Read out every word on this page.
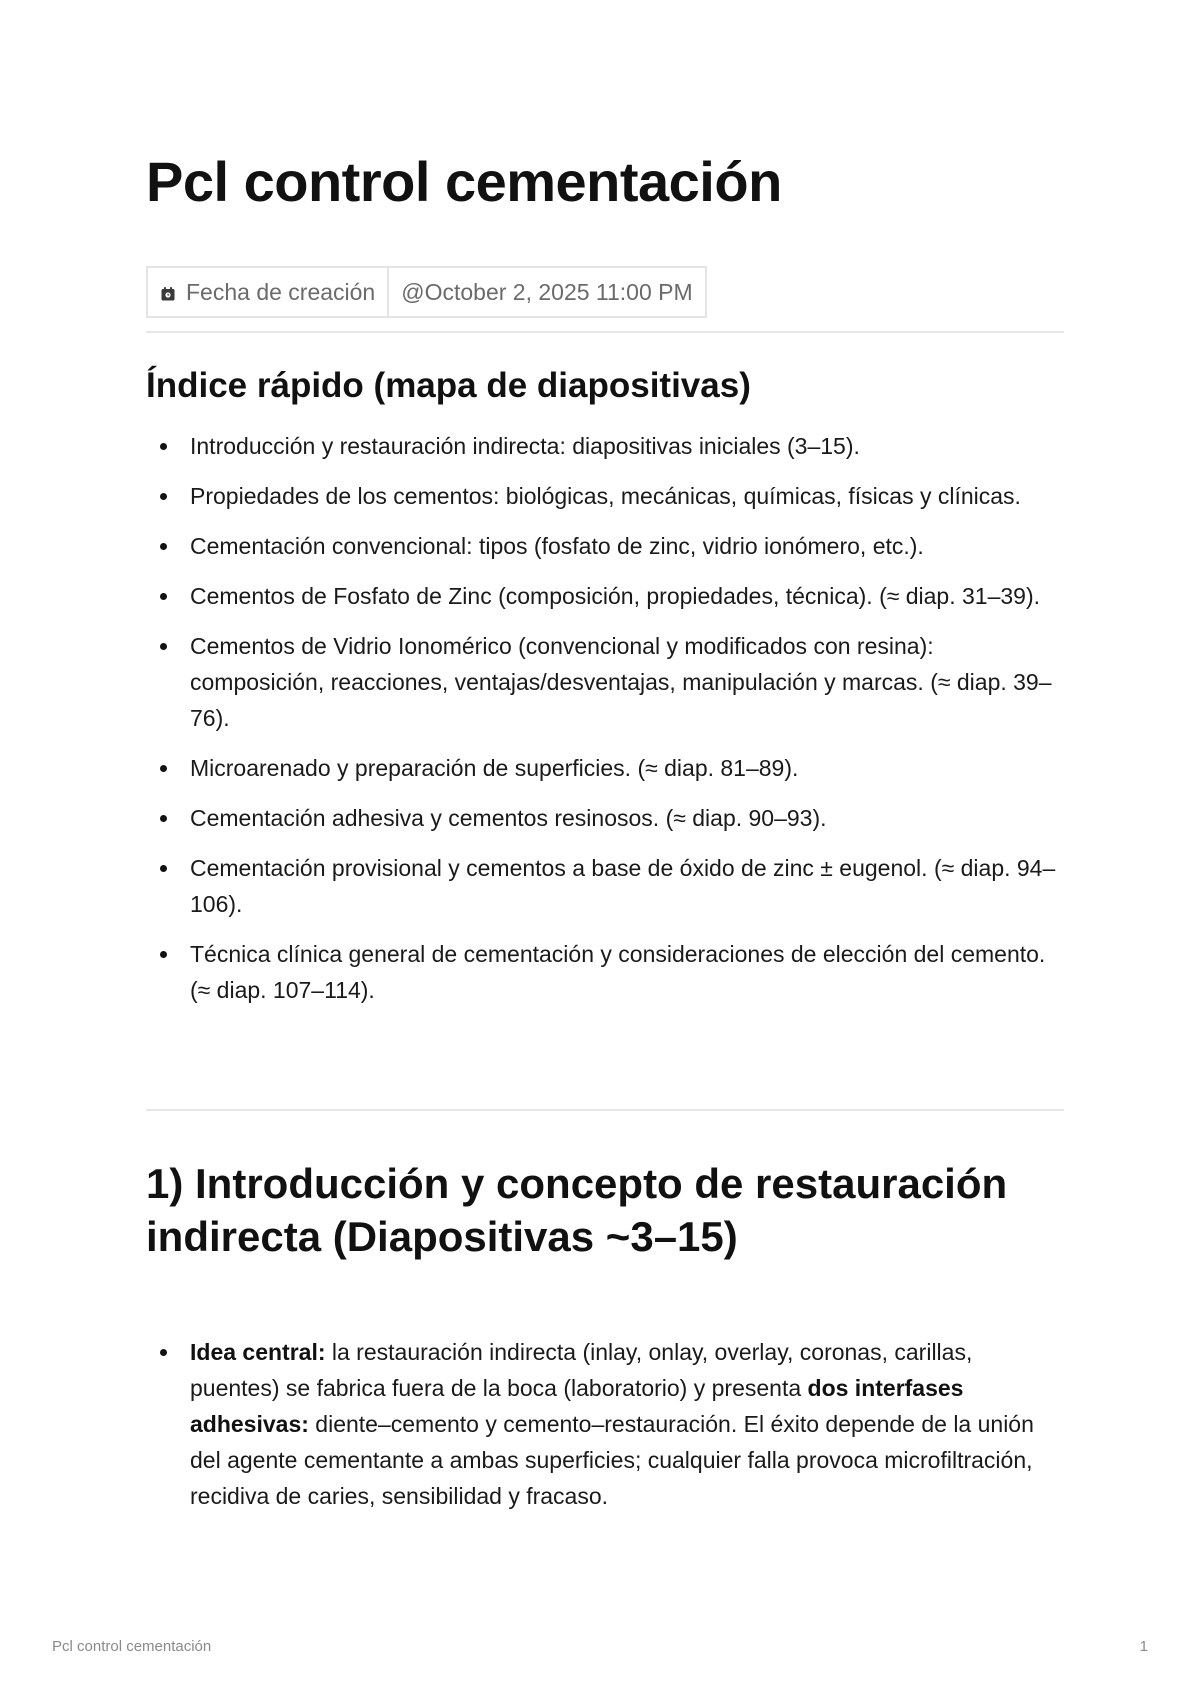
Pcl control cementación
Fecha de creación	@October 2, 2025 11:00 PM
Índice rápido (mapa de diapositivas)
Introducción y restauración indirecta: diapositivas iniciales (3–15).
Propiedades de los cementos: biológicas, mecánicas, químicas, físicas y clínicas.
Cementación convencional: tipos (fosfato de zinc, vidrio ionómero, etc.).
Cementos de Fosfato de Zinc (composición, propiedades, técnica). (≈ diap. 31–39).
Cementos de Vidrio Ionomérico (convencional y modificados con resina): composición, reacciones, ventajas/desventajas, manipulación y marcas. (≈ diap. 39–76).
Microarenado y preparación de superficies. (≈ diap. 81–89).
Cementación adhesiva y cementos resinosos. (≈ diap. 90–93).
Cementación provisional y cementos a base de óxido de zinc ± eugenol. (≈ diap. 94–106).
Técnica clínica general de cementación y consideraciones de elección del cemento. (≈ diap. 107–114).
1) Introducción y concepto de restauración indirecta (Diapositivas ~3–15)
Idea central: la restauración indirecta (inlay, onlay, overlay, coronas, carillas, puentes) se fabrica fuera de la boca (laboratorio) y presenta dos interfases adhesivas: diente–cemento y cemento–restauración. El éxito depende de la unión del agente cementante a ambas superficies; cualquier falla provoca microfiltración, recidiva de caries, sensibilidad y fracaso.
Pcl control cementación	1
